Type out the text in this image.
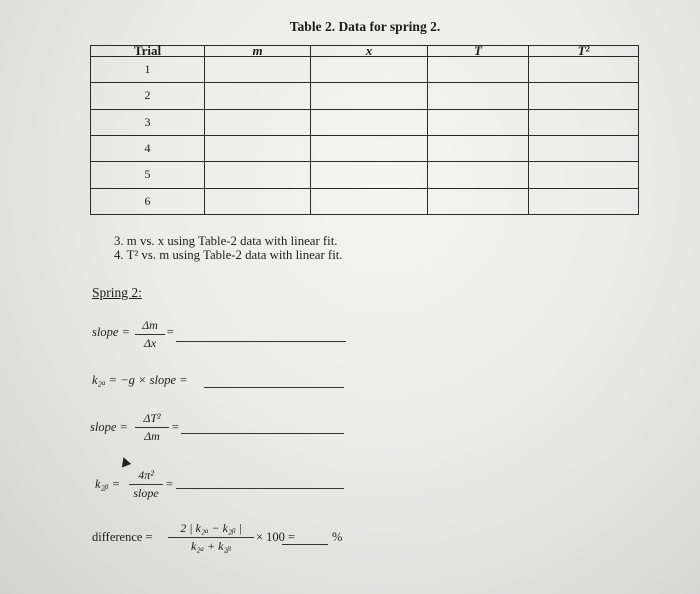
Table 2. Data for spring 2.
Trial	m	x	T	T²
1				
2				
3				
4				
5				
6				
3. m vs. x using Table-2 data with linear fit.
4. T² vs. m using Table-2 data with linear fit.
Spring 2:
slope = $\frac{\Delta m}{\Delta x}$ =
k₂ₐ = −g × slope =
slope = $\frac{\text{ΔT²}}{\Delta m}$ =
k₂ᵦ =
4π²
slope
=
difference = $\frac{\text{2 | k₂ₐ − k₂ᵦ |}}{\text{k₂ₐ + k₂ᵦ}} \times 100$ =	%
